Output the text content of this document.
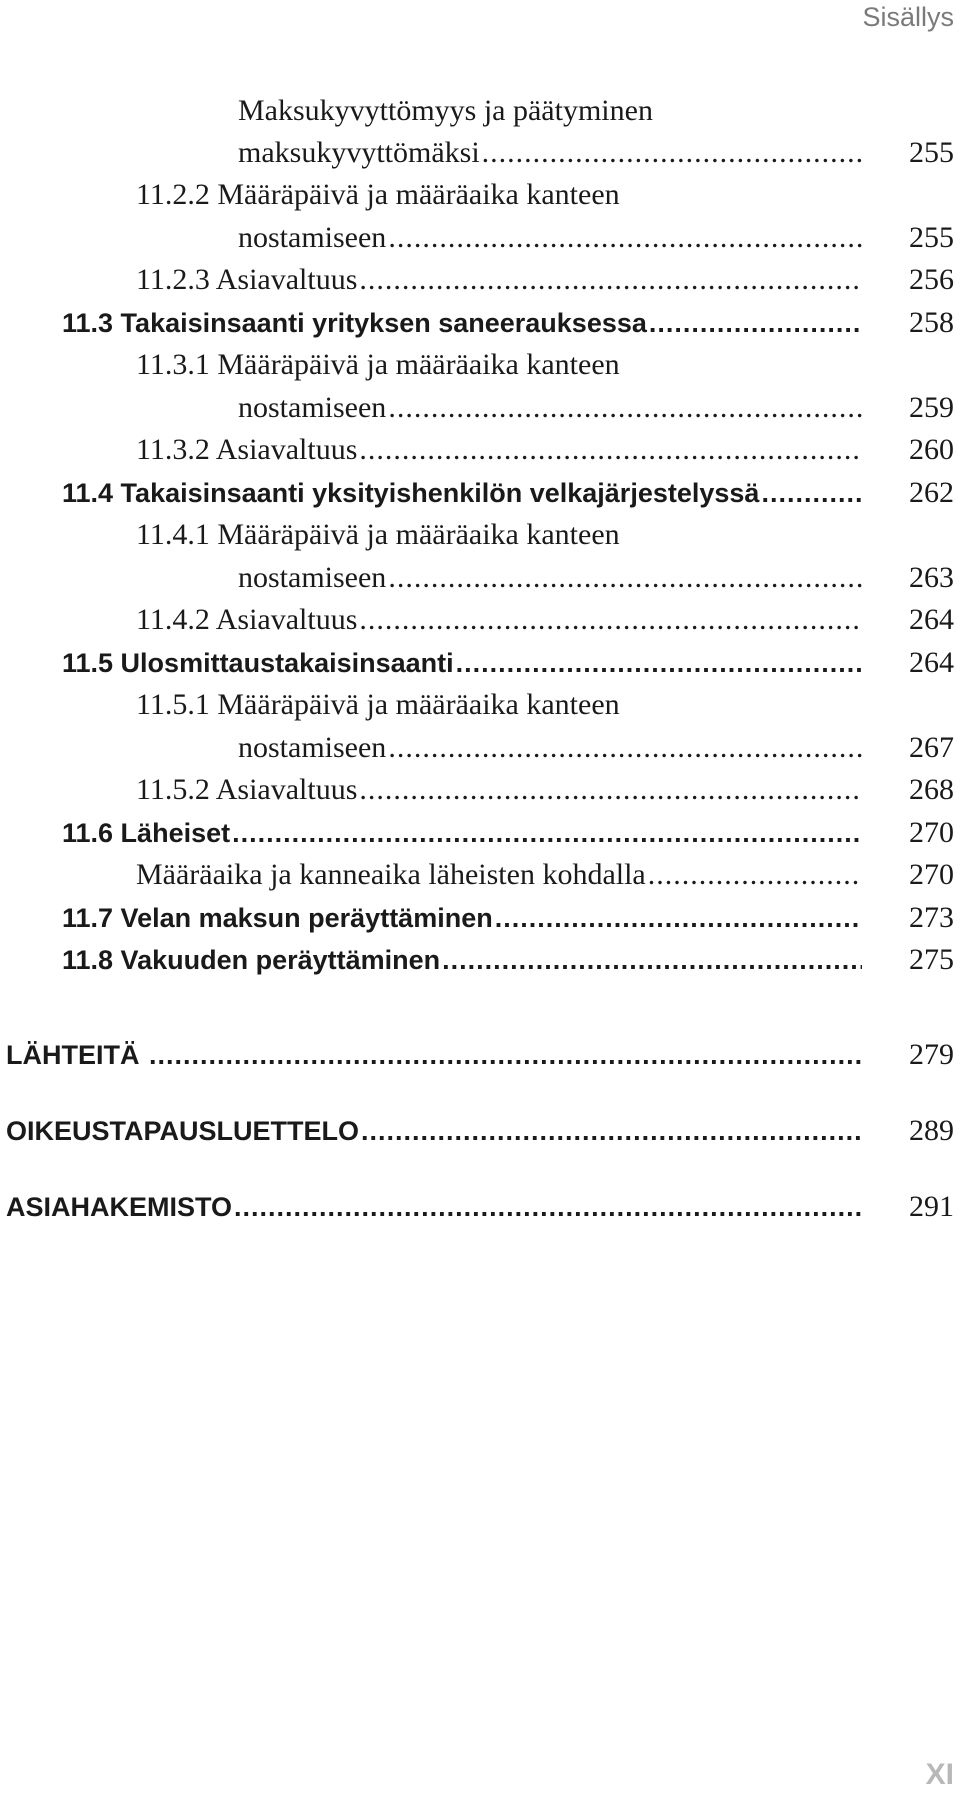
Sisällys
Maksukyvyttömyys ja päätyminen
maksukyvyttömäksi .....	255
11.2.2 Määräpäivä ja määräaika kanteen
nostamiseen .....	255
11.2.3 Asiavaltuus .....	256
11.3 Takaisinsaanti yrityksen saneerauksessa .....	258
11.3.1 Määräpäivä ja määräaika kanteen
nostamiseen .....	259
11.3.2 Asiavaltuus .....	260
11.4 Takaisinsaanti yksityishenkilön velkajärjestelyssä .....	262
11.4.1 Määräpäivä ja määräaika kanteen
nostamiseen .....	263
11.4.2 Asiavaltuus .....	264
11.5 Ulosmittaustakaisinsaanti .....	264
11.5.1 Määräpäivä ja määräaika kanteen
nostamiseen .....	267
11.5.2 Asiavaltuus .....	268
11.6 Läheiset .....	270
Määräaika ja kanneaika läheisten kohdalla .....	270
11.7 Velan maksun peräyttäminen .....	273
11.8 Vakuuden peräyttäminen .....	275
LÄHTEITÄ .....	279
OIKEUSTAPAUSLUETTELO .....	289
ASIAHAKEMISTO .....	291
XI
